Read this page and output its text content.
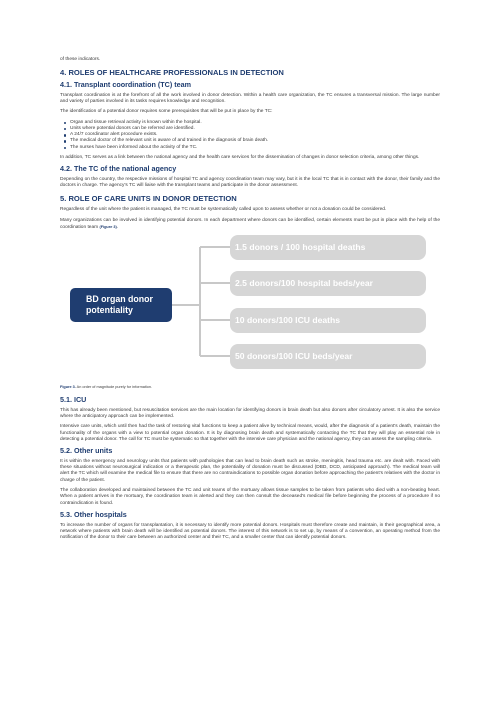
of these indicators.

4. ROLES OF HEALTHCARE PROFESSIONALS IN DETECTION
4.1. Transplant coordination (TC) team

Transplant coordination is at the forefront of all the work involved in donor detection. Within a health care organization, the TC ensures a transversal mission. The large number and variety of parties involved in its tasks requires knowledge and recognition.

The identification of a potential donor requires some prerequisites that will be put in place by the TC:

Organ and tissue retrieval activity is known within the hospital.
Units where potential donors can be referred are identified.
A 24/7 coordinator alert procedure exists.
The medical doctor of the relevant unit is aware of and trained in the diagnosis of brain death.
The nurses have been informed about the activity of the TC.

In addition, TC serves as a link between the national agency and the health care services for the dissemination of changes in donor selection criteria, among other things.

4.2. The TC of the national agency

Depending on the country, the respective missions of hospital TC and agency coordination team may vary, but it is the local TC that is in contact with the donor, their family and the doctors in charge. The agency's TC will liaise with the transplant teams and participate in the donor assessment.

5. ROLE OF CARE UNITS IN DONOR DETECTION

Regardless of the unit where the patient is managed, the TC must be systematically called upon to assess whether or not a donation could be considered.

Many organizations can be involved in identifying potential donors. In each department where donors can be identified, certain elements must be put in place with the help of the coordination team (Figure 3).

BD organ donor potentiality
1.5 donors / 100 hospital deaths
2.5 donors/100 hospital beds/year
10 donors/100 ICU deaths
50 donors/100 ICU beds/year

Figure 3. An order of magnitude purely for information.

5.1. ICU

This has already been mentioned, but resuscitation services are the main location for identifying donors in brain death but also donors after circulatory arrest. It is also the service where the anticipatory approach can be implemented.

Intensive care units, which until then had the task of restoring vital functions to keep a patient alive by technical means, would, after the diagnosis of a patient's death, maintain the functionality of the organs with a view to potential organ donation. It is by diagnosing brain death and systematically contacting the TC that they will play an essential role in detecting a potential donor. The call for TC must be systematic so that together with the intensive care physician and the national agency, they can assess the sampling criteria.

5.2. Other units

It is within the emergency and neurology units that patients with pathologies that can lead to brain death such as stroke, meningitis, head trauma etc. are dealt with. Faced with these situations without neurosurgical indication or a therapeutic plan, the potentiality of donation must be discussed (DBD, DCD, anticipated approach). The medical team will alert the TC which will examine the medical file to ensure that there are no contraindications to possible organ donation before approaching the patient's relatives with the doctor in charge of the patient.

The collaboration developed and maintained between the TC and unit teams of the mortuary allows tissue samples to be taken from patients who died with a non-beating heart. When a patient arrives in the mortuary, the coordination team is alerted and they can then consult the deceased's medical file before beginning the process of a procedure if no contraindication is found.

5.3. Other hospitals

To increase the number of organs for transplantation, it is necessary to identify more potential donors. Hospitals must therefore create and maintain, in their geographical area, a network where patients with brain death will be identified as potential donors. The interest of this network is to set up, by means of a convention, an operating method from the notification of the donor to their care between an authorized center and their TC, and a smaller center that can identify potential donors.
